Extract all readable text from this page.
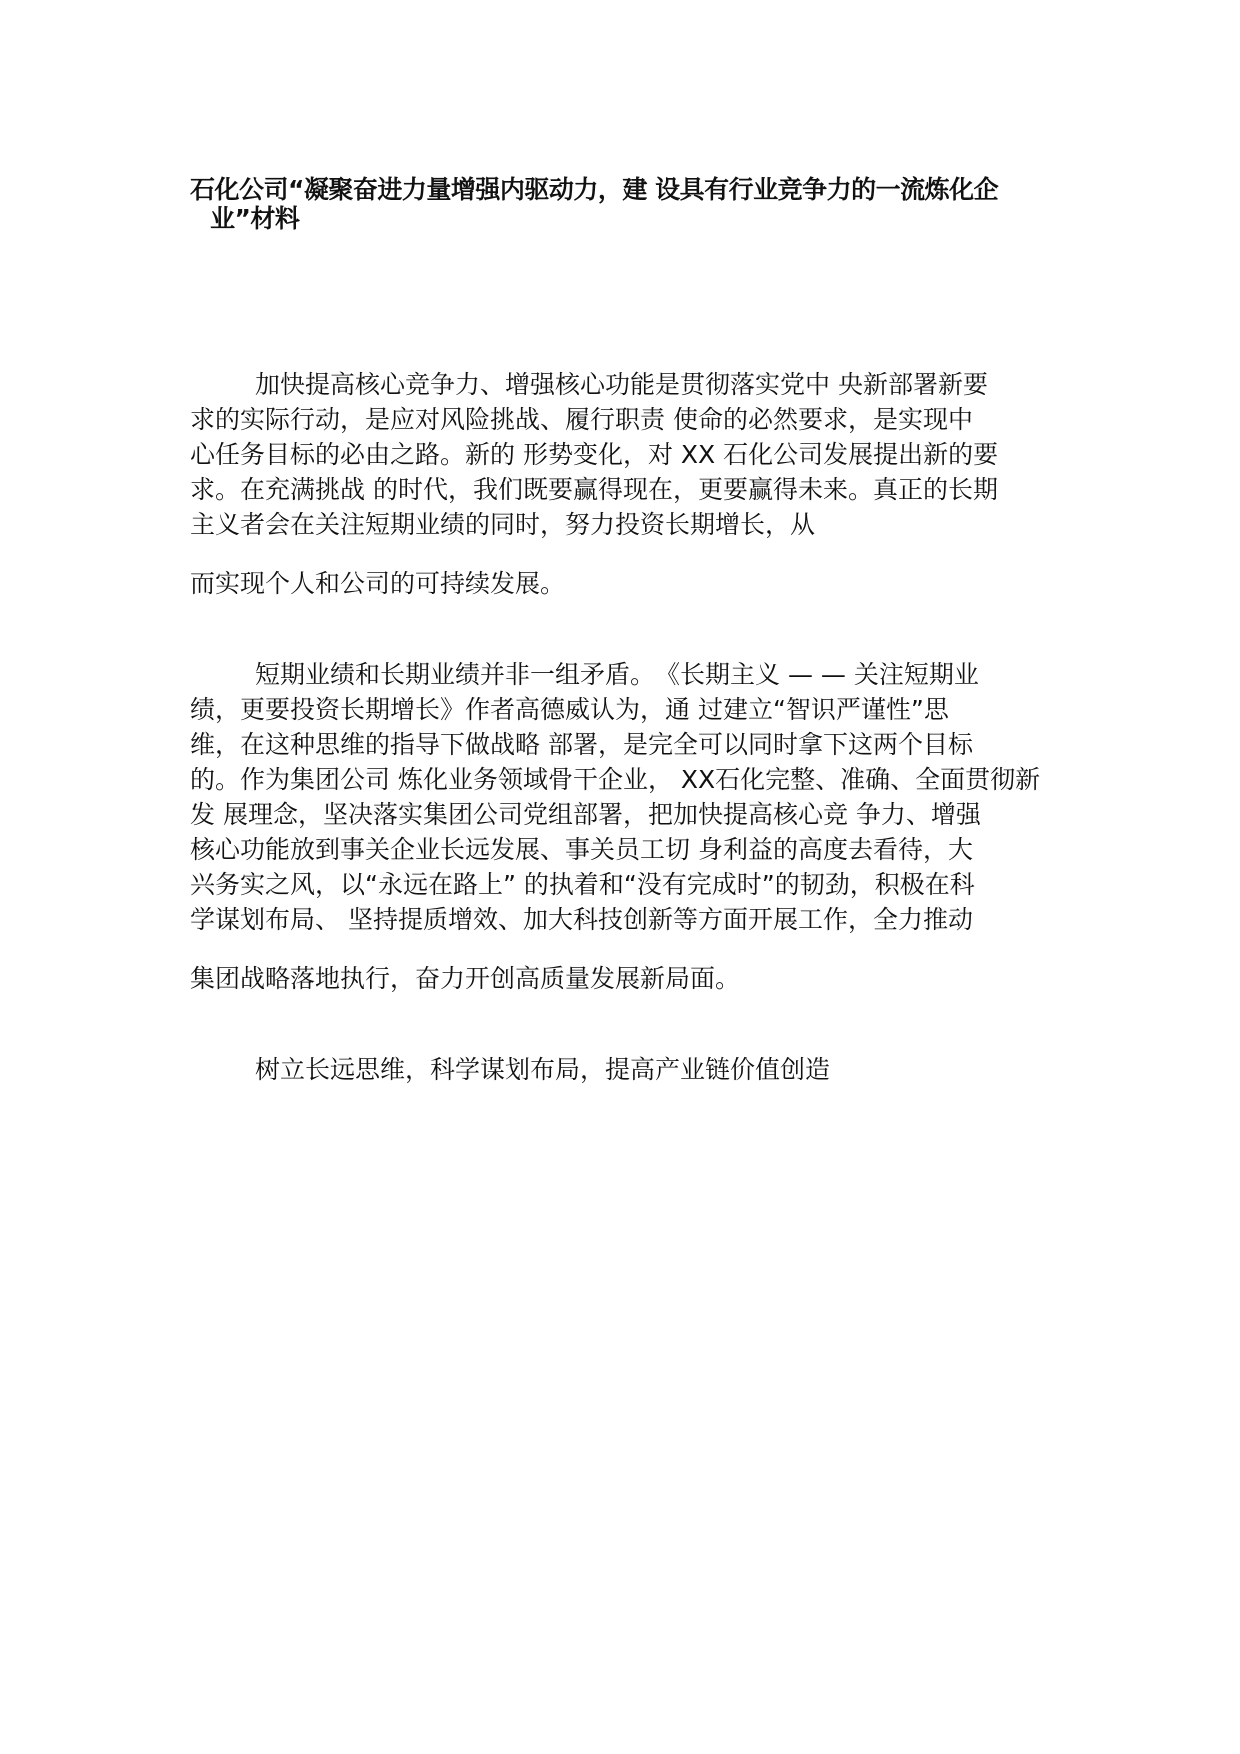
石化公司“凝聚奋进力量增强内驱动力，建 设具有行业竞争力的一流炼化企
业”材料
加快提高核心竞争力、增强核心功能是贯彻落实党中 央新部署新要
求的实际行动，是应对风险挑战、履行职责 使命的必然要求，是实现中
心任务目标的必由之路。新的 形势变化，对 XX 石化公司发展提出新的要
求。在充满挑战 的时代，我们既要赢得现在，更要赢得未来。真正的长期
主义者会在关注短期业绩的同时，努力投资长期增长，从
而实现个人和公司的可持续发展。
短期业绩和长期业绩并非一组矛盾。　《长期主义 — — 关注短期业
绩，更要投资长期增长》作者高德威认为，通 过建立“智识严谨性”思
维，在这种思维的指导下做战略 部署，是完全可以同时拿下这两个目标
的。作为集团公司 炼化业务领域骨干企业， XX石化完整、准确、全面贯彻新
发 展理念，坚决落实集团公司党组部署，把加快提高核心竞 争力、增强
核心功能放到事关企业长远发展、事关员工切 身利益的高度去看待，大
兴务实之风，以“永远在路上” 的执着和“没有完成时”的韧劲，积极在科
学谋划布局、 坚持提质增效、加大科技创新等方面开展工作，全力推动
集团战略落地执行，奋力开创高质量发展新局面。
树立长远思维，科学谋划布局，提高产业链价值创造
